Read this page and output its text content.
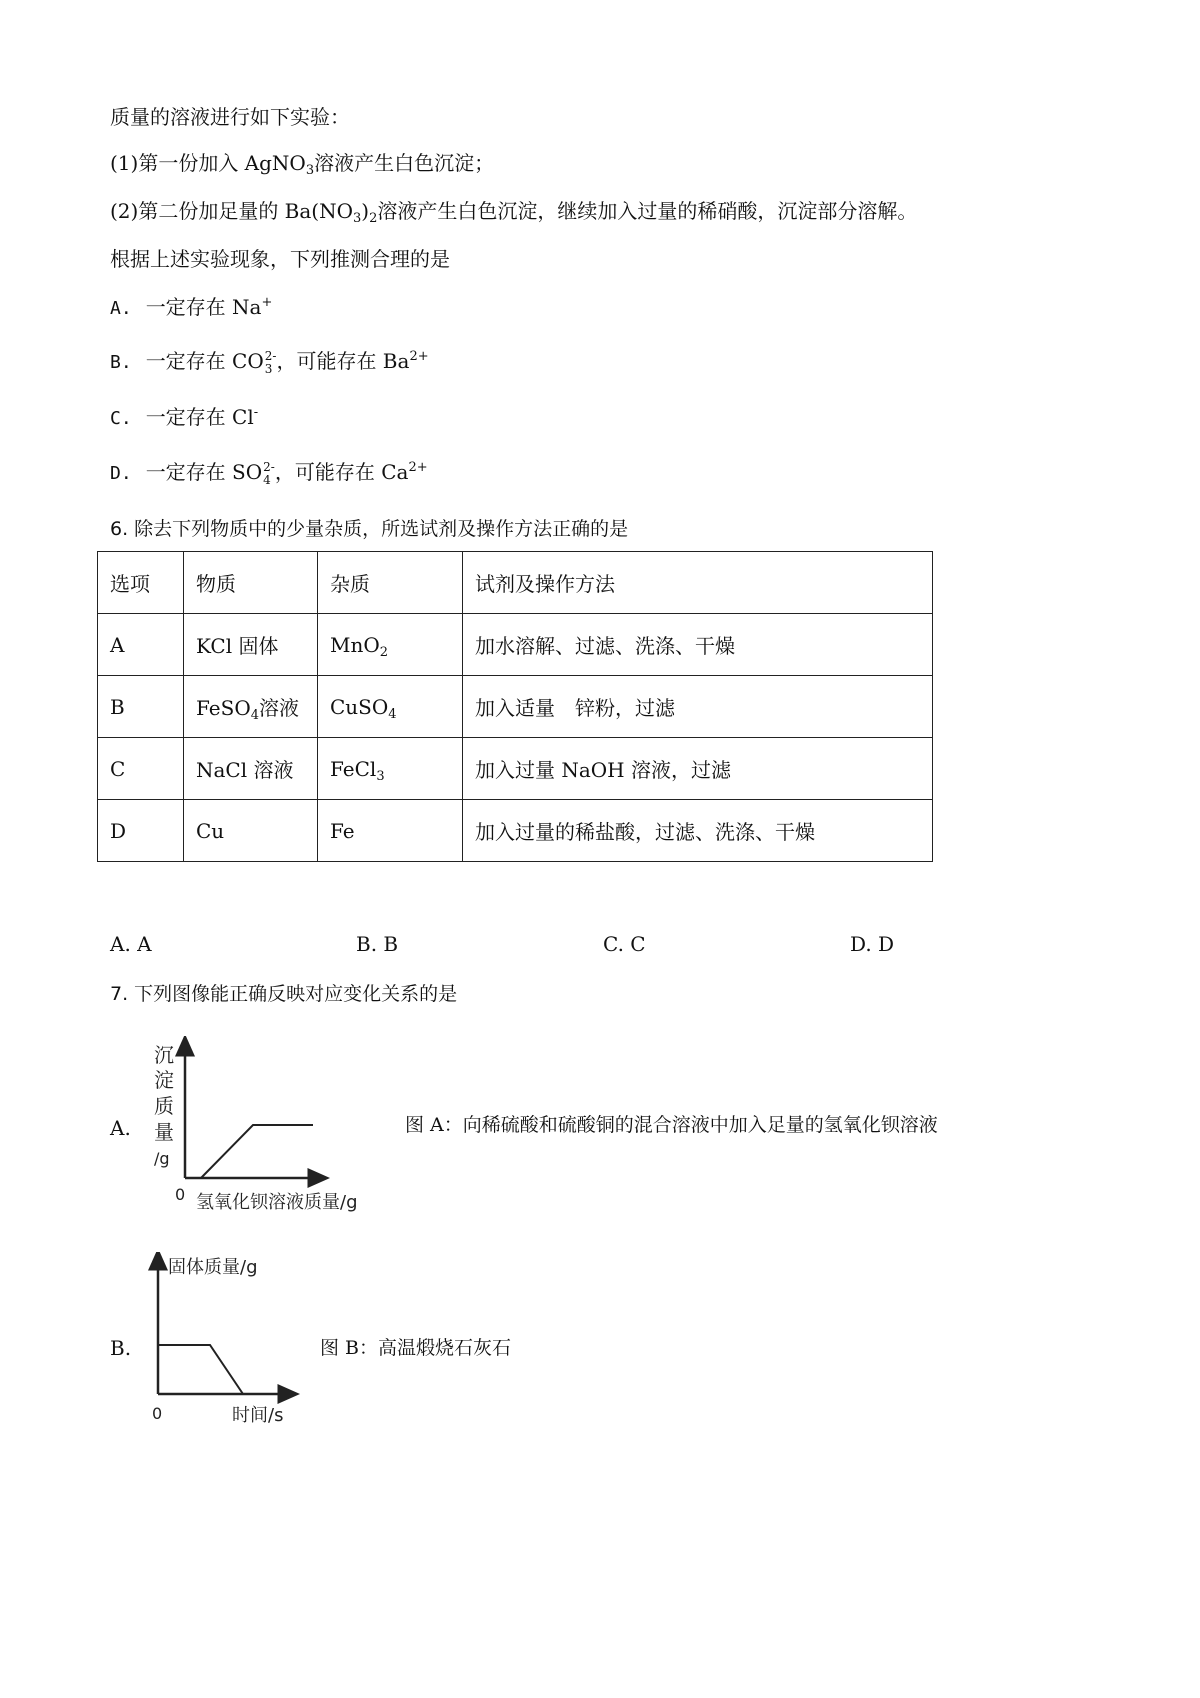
质量的溶液进行如下实验：
(1)第一份加入 AgNO$_3$溶液产生白色沉淀；
(2)第二份加足量的 $Ba(NO_3)_2$溶液产生白色沉淀，继续加入过量的稀硝酸，沉淀部分溶解。
根据上述实验现象，下列推测合理的是
A. 一定存在 Na+
B. 一定存在 CO 2-
3 ，可能存在 $Ba^{2+}$
C. 一定存在 Cl-
D. 一定存在 SO 2-
4 ，可能存在 $Ca^{2+}$
6. 除去下列物质中的少量杂质，所选试剂及操作方法正确的是
选项	物质	杂质	试剂及操作方法
A	KCl 固体	MnO$_2$	加水溶解、过滤、洗涤、干燥
B	FeSO$_4$溶液	CuSO$_4$	加入适量　锌粉，过滤
C	NaCl 溶液	FeCl$_3$	加入过量 NaOH 溶液，过滤
D	Cu	Fe	加入过量的稀盐酸，过滤、洗涤、干燥
A. A	B. B	C. C	D. D
7. 下列图像能正确反映对应变化关系的是
A.
沉
淀
质
量
/g
0 氢氧化钡溶液质量/g
图 A：向稀硫酸和硫酸铜的混合溶液中加入足量的氢氧化钡溶液
B.
固体质量/g
0	时间/s
图 B：高温煅烧石灰石
